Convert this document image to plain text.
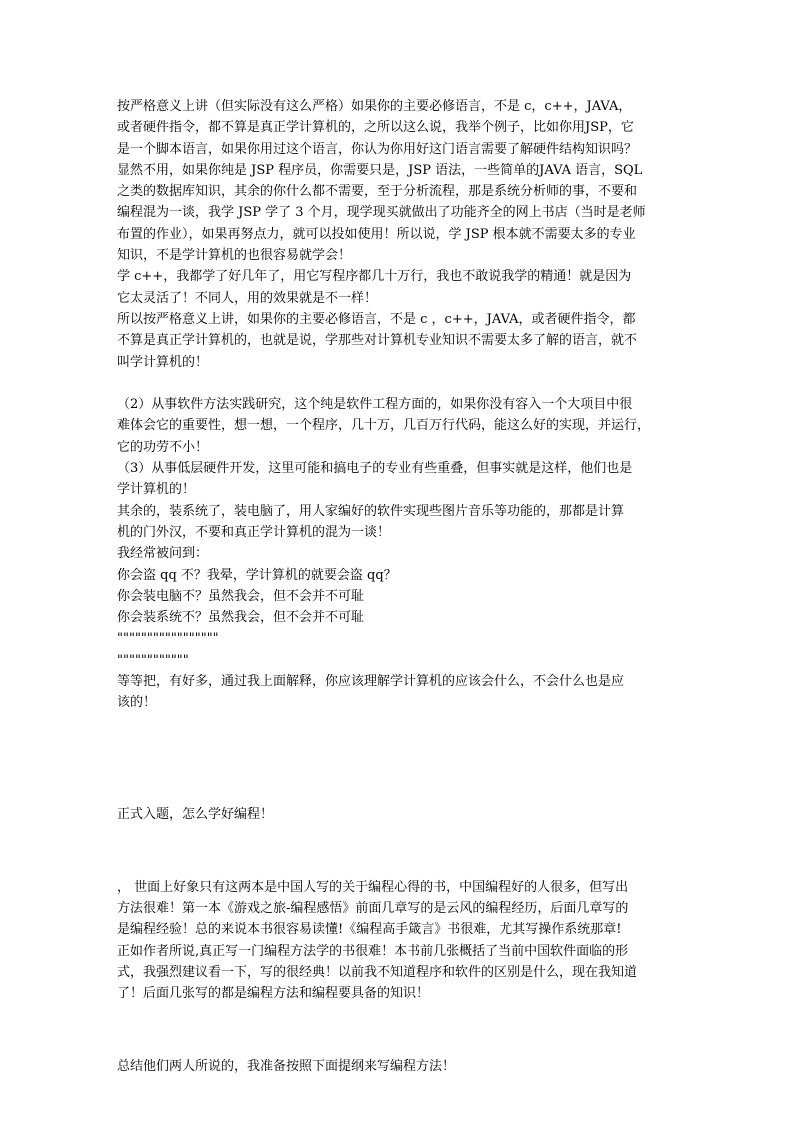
按严格意义上讲（但实际没有这么严格）如果你的主要必修语言，不是 c，c++，JAVA，
或者硬件指令，都不算是真正学计算机的，之所以这么说，我举个例子，比如你用JSP，它
是一个脚本语言，如果你用过这个语言，你认为你用好这门语言需要了解硬件结构知识吗？
显然不用，如果你纯是 JSP 程序员，你需要只是，JSP 语法，一些简单的JAVA 语言，SQL
之类的数据库知识，其余的你什么都不需要，至于分析流程，那是系统分析师的事，不要和
编程混为一谈，我学 JSP 学了 3 个月，现学现买就做出了功能齐全的网上书店（当时是老师
布置的作业），如果再努点力，就可以投如使用！所以说，学 JSP 根本就不需要太多的专业
知识，不是学计算机的也很容易就学会！
学 c++，我都学了好几年了，用它写程序都几十万行，我也不敢说我学的精通！就是因为
它太灵活了！不同人，用的效果就是不一样！
所以按严格意义上讲，如果你的主要必修语言，不是 c ，c++，JAVA，或者硬件指令，都
不算是真正学计算机的，也就是说，学那些对计算机专业知识不需要太多了解的语言，就不
叫学计算机的！
（2）从事软件方法实践研究，这个纯是软件工程方面的，如果你没有容入一个大项目中很
难体会它的重要性，想一想，一个程序，几十万，几百万行代码，能这么好的实现，并运行，
它的功劳不小！
（3）从事低层硬件开发，这里可能和搞电子的专业有些重叠，但事实就是这样，他们也是
学计算机的！
其余的，装系统了，装电脑了，用人家编好的软件实现些图片音乐等功能的，那都是计算
机的门外汉，不要和真正学计算机的混为一谈！
我经常被问到：
你会盗 qq 不？我晕，学计算机的就要会盗 qq？
你会装电脑不？虽然我会，但不会并不可耻
你会装系统不？虽然我会，但不会并不可耻
"""""""""""""""""
""""""""""""
等等把，有好多，通过我上面解释，你应该理解学计算机的应该会什么，不会什么也是应
该的！
正式入题，怎么学好编程！
， 世面上好象只有这两本是中国人写的关于编程心得的书，中国编程好的人很多，但写出
方法很难！第一本《游戏之旅-编程感悟》前面几章写的是云风的编程经历，后面几章写的
是编程经验！总的来说本书很容易读懂!《编程高手箴言》书很难，尤其写操作系统那章!
正如作者所说,真正写一门编程方法学的书很难！本书前几张概括了当前中国软件面临的形
式，我强烈建议看一下，写的很经典！以前我不知道程序和软件的区别是什么，现在我知道
了！后面几张写的都是编程方法和编程要具备的知识！
总结他们两人所说的，我准备按照下面提纲来写编程方法！
